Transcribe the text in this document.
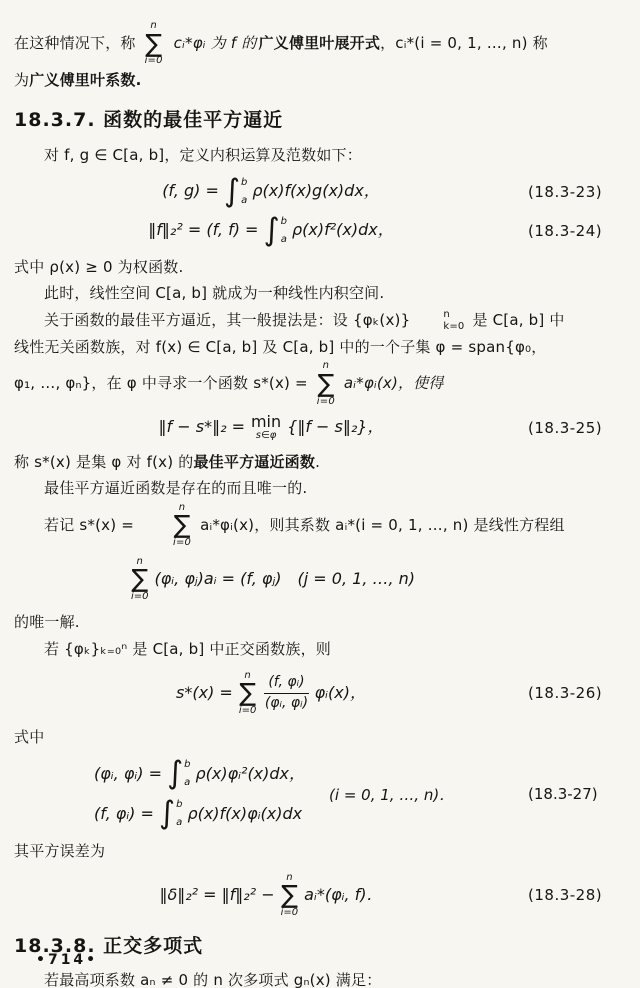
在这种情况下，称
n
∑
i=0
cᵢ*φᵢ 为 f 的 广义傅里叶展开式，cᵢ*(i = 0, 1, …, n) 称

为广义傅里叶系数.

18.3.7. 函数的最佳平方逼近

对 f, g ∈ C[a, b]，定义内积运算及范数如下：

(f, g) = ∫ b
a ρ(x)f(x)g(x)dx，	(18.3-23)
‖f‖₂² = (f, f) = ∫ b
a ρ(x)f²(x)dx，	(18.3-24)

式中 ρ(x) ≥ 0 为权函数.

此时，线性空间 C[a, b] 就成为一种线性内积空间.

关于函数的最佳平方逼近，其一般提法是：设 {φₖ(x)}	n
k=0 是 C[a, b] 中

线性无关函数族，对 f(x) ∈ C[a, b] 及 C[a, b] 中的一个子集 φ = span{φ₀，

φ₁, …, φₙ}，在 φ 中寻求一个函数 s*(x) =
n
∑
i=0
aᵢ*φᵢ(x)，使得

‖f − s*‖₂ = min
s∈φ {‖f − s‖₂}，	(18.3-25)

称 s*(x) 是集 φ 对 f(x) 的最佳平方逼近函数.

最佳平方逼近函数是存在的而且唯一的.

若记 s*(x) =
n
∑
i=0
aᵢ*φᵢ(x)，则其系数 aᵢ*(i = 0, 1, …, n) 是线性方程组

n
∑
i=0
(φᵢ, φⱼ)aᵢ = (f, φⱼ) (j = 0, 1, …, n)

的唯一解.

若 {φₖ}ₖ₌₀ⁿ 是 C[a, b] 中正交函数族，则

s*(x) =
n
∑
$i=0 \frac{\text{(f, φᵢ)}}{\text{(φᵢ, φᵢ)}}$ φᵢ(x)，	(18.3-26)

式中

(φᵢ, φᵢ) = ∫ b
a ρ(x)φᵢ²(x)dx，
(f, φᵢ) = ∫ b
a ρ(x)f(x)φᵢ(x)dx
(i = 0, 1, …, n)．	(18.3-27)

其平方误差为

‖δ‖₂² = ‖f‖₂² −
n
∑
i=0
aᵢ*(φᵢ, f)．	(18.3-28)
18.3.8. 正交多项式

若最高项系数 aₙ ≠ 0 的 n 次多项式 gₙ(x) 满足：

•714•
